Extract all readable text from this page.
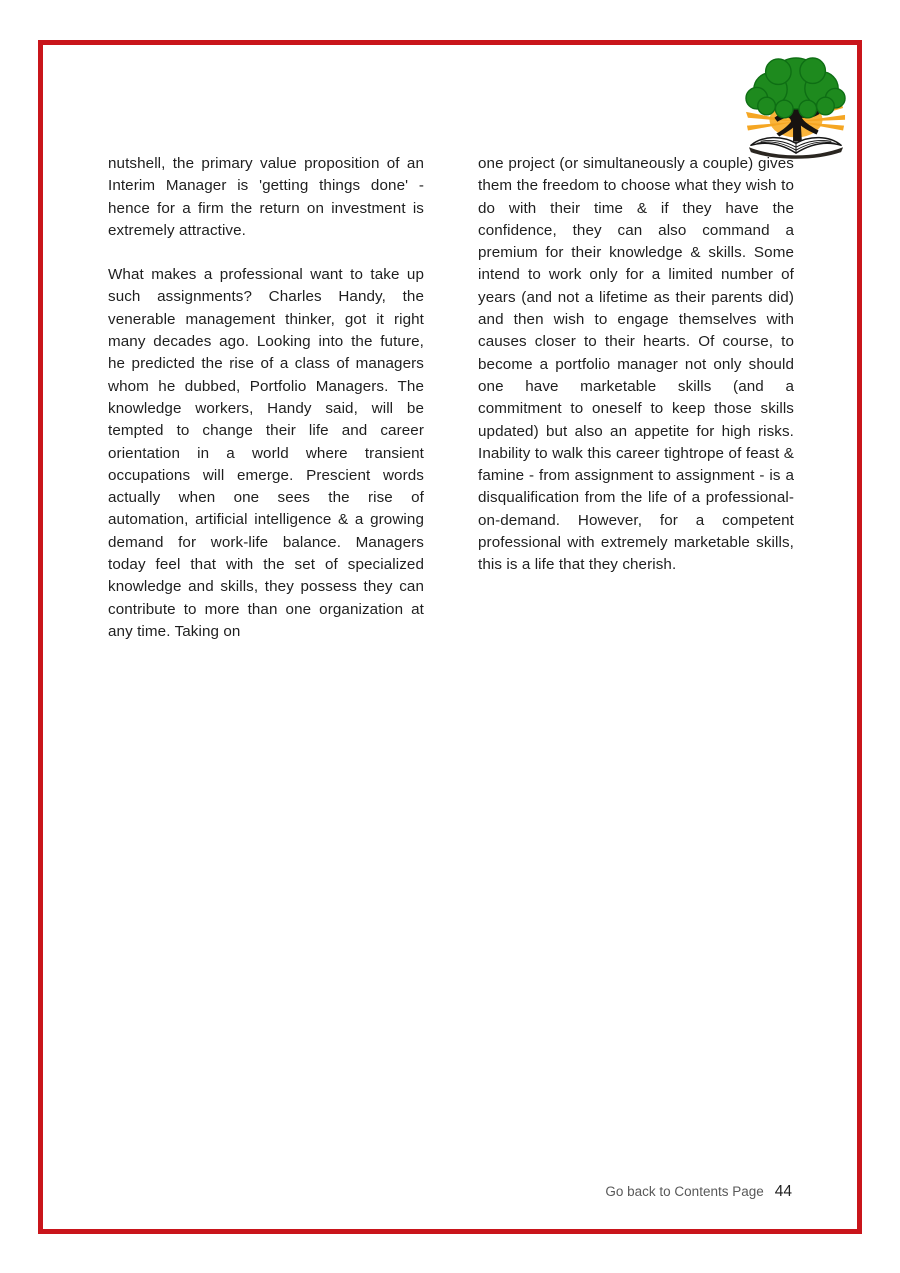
nutshell, the primary value proposition of an Interim Manager is 'getting things done' - hence for a firm the return on investment is extremely attractive.

What makes a professional want to take up such assignments? Charles Handy, the venerable management thinker, got it right many decades ago. Looking into the future, he predicted the rise of a class of managers whom he dubbed, Portfolio Managers. The knowledge workers, Handy said, will be tempted to change their life and career orientation in a world where transient occupations will emerge. Prescient words actually when one sees the rise of automation, artificial intelligence & a growing demand for work-life balance. Managers today feel that with the set of specialized knowledge and skills, they possess they can contribute to more than one organization at any time. Taking on

one project (or simultaneously a couple) gives them the freedom to choose what they wish to do with their time & if they have the confidence, they can also command a premium for their knowledge & skills. Some intend to work only for a limited number of years (and not a lifetime as their parents did) and then wish to engage themselves with causes closer to their hearts. Of course, to become a portfolio manager not only should one have marketable skills (and a commitment to oneself to keep those skills updated) but also an appetite for high risks. Inability to walk this career tightrope of feast & famine - from assignment to assignment - is a disqualification from the life of a professional-on-demand. However, for a competent professional with extremely marketable skills, this is a life that they cherish.

Go back to Contents Page 44
